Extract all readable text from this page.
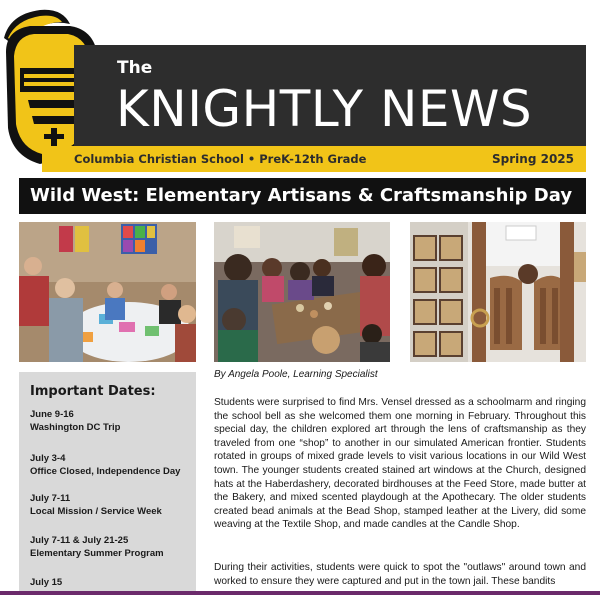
The
KNIGHTLY NEWS
Columbia Christian School • PreK-12th Grade	Spring 2025
Wild West: Elementary Artisans & Craftsmanship Day
Important Dates:
June 9-16
Washington DC Trip
July 3-4
Office Closed, Independence Day
July 7-11
Local Mission / Service Week
July 7-11 & July 21-25
Elementary Summer Program
July 15
By Angela Poole, Learning Specialist
Students were surprised to find Mrs. Vensel dressed as a schoolmarm and ringing the school bell as she welcomed them one morning in February. Throughout this special day, the children explored art through the lens of craftsmanship as they traveled from one “shop” to another in our simulated American frontier. Students rotated in groups of mixed grade levels to visit various locations in our Wild West town. The younger students created stained art windows at the Church, designed hats at the Haberdashery, decorated birdhouses at the Feed Store, made butter at the Bakery, and mixed scented playdough at the Apothecary. The older students created bead animals at the Bead Shop, stamped leather at the Livery, did some weaving at the Textile Shop, and made candles at the Candle Shop.
During their activities, students were quick to spot the "outlaws" around town and worked to ensure they were captured and put in the town jail. These bandits
